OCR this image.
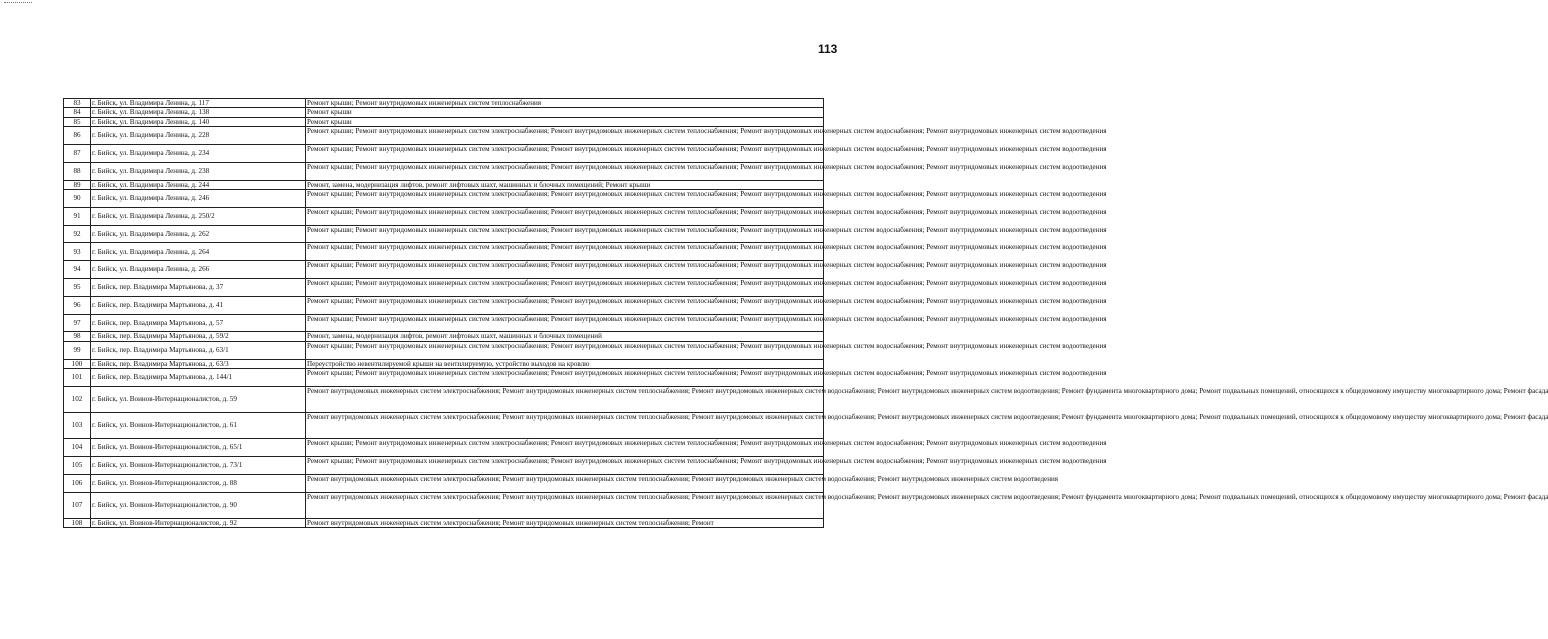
113
83	г. Бийск, ул. Владимира Ленина, д. 117	Ремонт крыши; Ремонт внутридомовых инженерных систем теплоснабжения

84	г. Бийск, ул. Владимира Ленина, д. 138	Ремонт крыши

85	г. Бийск, ул. Владимира Ленина, д. 140	Ремонт крыши

86	г. Бийск, ул. Владимира Ленина, д. 228	Ремонт крыши; Ремонт внутридомовых инженерных систем электроснабжения; Ремонт внутридомовых инженерных систем теплоснабжения; Ремонт внутридомовых инженерных систем водоснабжения; Ремонт внутридомовых инженерных систем водоотведения

87	г. Бийск, ул. Владимира Ленина, д. 234	Ремонт крыши; Ремонт внутридомовых инженерных систем электроснабжения; Ремонт внутридомовых инженерных систем теплоснабжения; Ремонт внутридомовых инженерных систем водоснабжения; Ремонт внутридомовых инженерных систем водоотведения

88	г. Бийск, ул. Владимира Ленина, д. 238	Ремонт крыши; Ремонт внутридомовых инженерных систем электроснабжения; Ремонт внутридомовых инженерных систем теплоснабжения; Ремонт внутридомовых инженерных систем водоснабжения; Ремонт внутридомовых инженерных систем водоотведения

89	г. Бийск, ул. Владимира Ленина, д. 244	Ремонт, замена, модернизация лифтов, ремонт лифтовых шахт, машинных и блочных помещений; Ремонт крыши

90	г. Бийск, ул. Владимира Ленина, д. 246	Ремонт крыши; Ремонт внутридомовых инженерных систем электроснабжения; Ремонт внутридомовых инженерных систем теплоснабжения; Ремонт внутридомовых инженерных систем водоснабжения; Ремонт внутридомовых инженерных систем водоотведения

91	г. Бийск, ул. Владимира Ленина, д. 250/2	Ремонт крыши; Ремонт внутридомовых инженерных систем электроснабжения; Ремонт внутридомовых инженерных систем теплоснабжения; Ремонт внутридомовых инженерных систем водоснабжения; Ремонт внутридомовых инженерных систем водоотведения

92	г. Бийск, ул. Владимира Ленина, д. 262	Ремонт крыши; Ремонт внутридомовых инженерных систем электроснабжения; Ремонт внутридомовых инженерных систем теплоснабжения; Ремонт внутридомовых инженерных систем водоснабжения; Ремонт внутридомовых инженерных систем водоотведения

93	г. Бийск, ул. Владимира Ленина, д. 264	Ремонт крыши; Ремонт внутридомовых инженерных систем электроснабжения; Ремонт внутридомовых инженерных систем теплоснабжения; Ремонт внутридомовых инженерных систем водоснабжения; Ремонт внутридомовых инженерных систем водоотведения

94	г. Бийск, ул. Владимира Ленина, д. 266	Ремонт крыши; Ремонт внутридомовых инженерных систем электроснабжения; Ремонт внутридомовых инженерных систем теплоснабжения; Ремонт внутридомовых инженерных систем водоснабжения; Ремонт внутридомовых инженерных систем водоотведения

95	г. Бийск, пер. Владимира Мартьянова, д. 37	Ремонт крыши; Ремонт внутридомовых инженерных систем электроснабжения; Ремонт внутридомовых инженерных систем теплоснабжения; Ремонт внутридомовых инженерных систем водоснабжения; Ремонт внутридомовых инженерных систем водоотведения

96	г. Бийск, пер. Владимира Мартьянова, д. 41	Ремонт крыши; Ремонт внутридомовых инженерных систем электроснабжения; Ремонт внутридомовых инженерных систем теплоснабжения; Ремонт внутридомовых инженерных систем водоснабжения; Ремонт внутридомовых инженерных систем водоотведения

97	г. Бийск, пер. Владимира Мартьянова, д. 57	Ремонт крыши; Ремонт внутридомовых инженерных систем электроснабжения; Ремонт внутридомовых инженерных систем теплоснабжения; Ремонт внутридомовых инженерных систем водоснабжения; Ремонт внутридомовых инженерных систем водоотведения

98	г. Бийск, пер. Владимира Мартьянова, д. 59/2	Ремонт, замена, модернизация лифтов, ремонт лифтовых шахт, машинных и блочных помещений

99	г. Бийск, пер. Владимира Мартьянова, д. 63/1	Ремонт крыши; Ремонт внутридомовых инженерных систем электроснабжения; Ремонт внутридомовых инженерных систем теплоснабжения; Ремонт внутридомовых инженерных систем водоснабжения; Ремонт внутридомовых инженерных систем водоотведения

100	г. Бийск, пер. Владимира Мартьянова, д. 63/3	Переустройство невентилируемой крыши на вентилируемую, устройство выходов на кровлю

101	г. Бийск, пер. Владимира Мартьянова, д. 144/1	Ремонт крыши; Ремонт внутридомовых инженерных систем электроснабжения; Ремонт внутридомовых инженерных систем теплоснабжения; Ремонт внутридомовых инженерных систем водоснабжения; Ремонт внутридомовых инженерных систем водоотведения

102	г. Бийск, ул. Воинов-Интернационалистов, д. 59	Ремонт внутридомовых инженерных систем электроснабжения; Ремонт внутридомовых инженерных систем теплоснабжения; Ремонт внутридомовых инженерных систем водоснабжения; Ремонт внутридомовых инженерных систем водоотведения; Ремонт фундамента многоквартирного дома; Ремонт подвальных помещений, относящихся к общедомовому имуществу многоквартирного дома; Ремонт фасада

103	г. Бийск, ул. Воинов-Интернационалистов, д. 61	Ремонт внутридомовых инженерных систем электроснабжения; Ремонт внутридомовых инженерных систем теплоснабжения; Ремонт внутридомовых инженерных систем водоснабжения; Ремонт внутридомовых инженерных систем водоотведения; Ремонт фундамента многоквартирного дома; Ремонт подвальных помещений, относящихся к общедомовому имуществу многоквартирного дома; Ремонт фасада

104	г. Бийск, ул. Воинов-Интернационалистов, д. 65/1	Ремонт крыши; Ремонт внутридомовых инженерных систем электроснабжения; Ремонт внутридомовых инженерных систем теплоснабжения; Ремонт внутридомовых инженерных систем водоснабжения; Ремонт внутридомовых инженерных систем водоотведения

105	г. Бийск, ул. Воинов-Интернационалистов, д. 73/1	Ремонт крыши; Ремонт внутридомовых инженерных систем электроснабжения; Ремонт внутридомовых инженерных систем теплоснабжения; Ремонт внутридомовых инженерных систем водоснабжения; Ремонт внутридомовых инженерных систем водоотведения

106	г. Бийск, ул. Воинов-Интернационалистов, д. 88	Ремонт внутридомовых инженерных систем электроснабжения; Ремонт внутридомовых инженерных систем теплоснабжения; Ремонт внутридомовых инженерных систем водоснабжения; Ремонт внутридомовых инженерных систем водоотведения

107	г. Бийск, ул. Воинов-Интернационалистов, д. 90	Ремонт внутридомовых инженерных систем электроснабжения; Ремонт внутридомовых инженерных систем теплоснабжения; Ремонт внутридомовых инженерных систем водоснабжения; Ремонт внутридомовых инженерных систем водоотведения; Ремонт фундамента многоквартирного дома; Ремонт подвальных помещений, относящихся к общедомовому имуществу многоквартирного дома; Ремонт фасада

108	г. Бийск, ул. Воинов-Интернационалистов, д. 92	Ремонт внутридомовых инженерных систем электроснабжения; Ремонт внутридомовых инженерных систем теплоснабжения; Ремонт
